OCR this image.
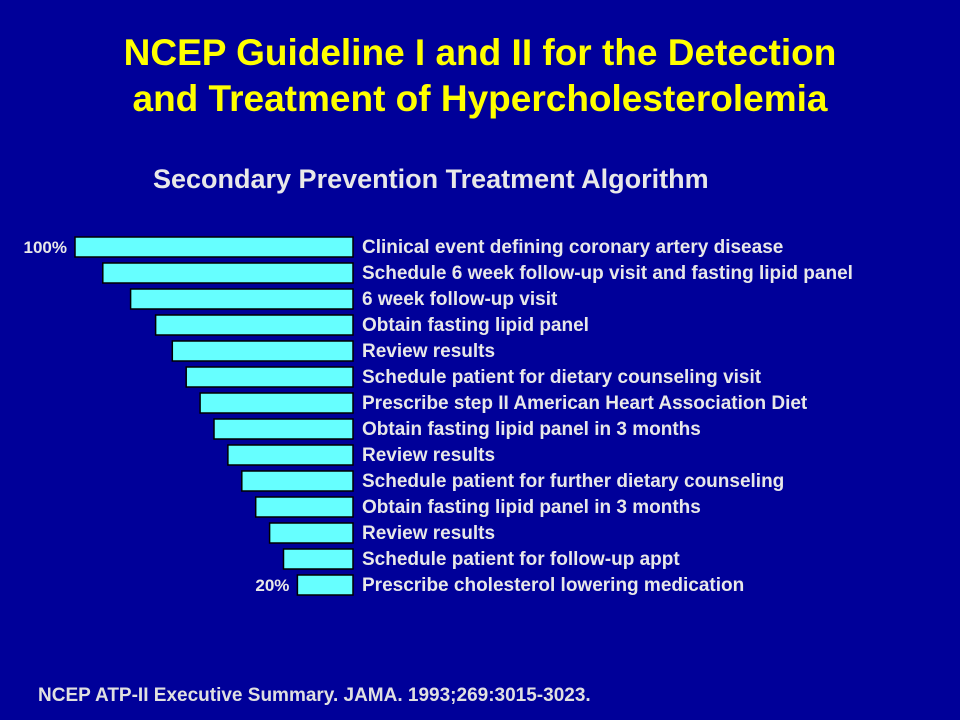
NCEP Guideline I and II for the Detection
and Treatment of Hypercholesterolemia
Secondary Prevention Treatment Algorithm
Clinical event defining coronary artery disease
Schedule 6 week follow-up visit and fasting lipid panel
6 week follow-up visit
Obtain fasting lipid panel
Review results
Schedule patient for dietary counseling visit
Prescribe step II American Heart Association Diet
Obtain fasting lipid panel in 3 months
Review results
Schedule patient for further dietary counseling
Obtain fasting lipid panel in 3 months
Review results
Schedule patient for follow-up appt
Prescribe cholesterol lowering medication
100%
20%
NCEP ATP-II Executive Summary. JAMA. 1993;269:3015-3023.
